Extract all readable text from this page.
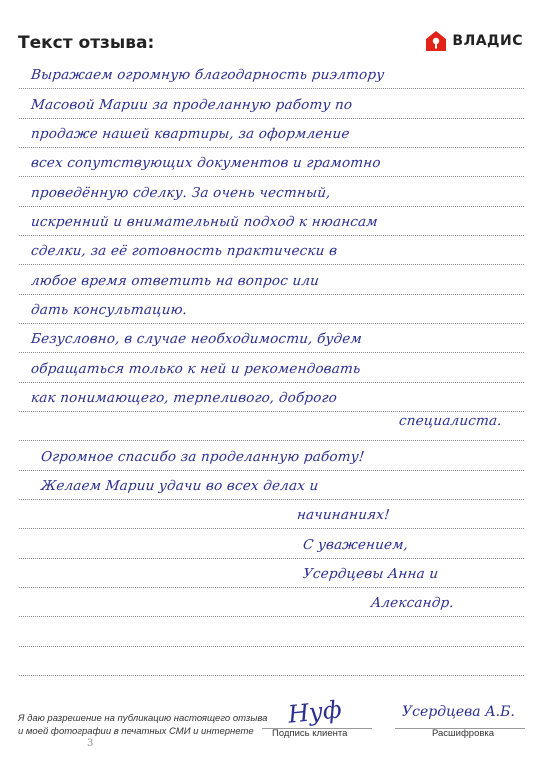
Текст отзыва:	ВЛАДИС
Выражаем огромную благодарность риэлтору
Масовой Марии за проделанную работу по
продаже нашей квартиры, за оформление
всех сопутствующих документов и грамотно
проведённую сделку. За очень честный,
искренний и внимательный подход к нюансам
сделки, за её готовность практически в
любое время ответить на вопрос или
дать консультацию.
Безусловно, в случае необходимости, будем
обращаться только к ней и рекомендовать
как понимающего, терпеливого, доброго
специалиста.
Огромное спасибо за проделанную работу!
Желаем Марии удачи во всех делах и
начинаниях!
С уважением,
Усердцевы Анна и
Александр.
Я даю разрешение на публикацию настоящего отзыва
и моей фотографии в печатных СМИ и интернете	Подпись клиента
Нуф
Расшифровка
Усердцева А.Б.
3
